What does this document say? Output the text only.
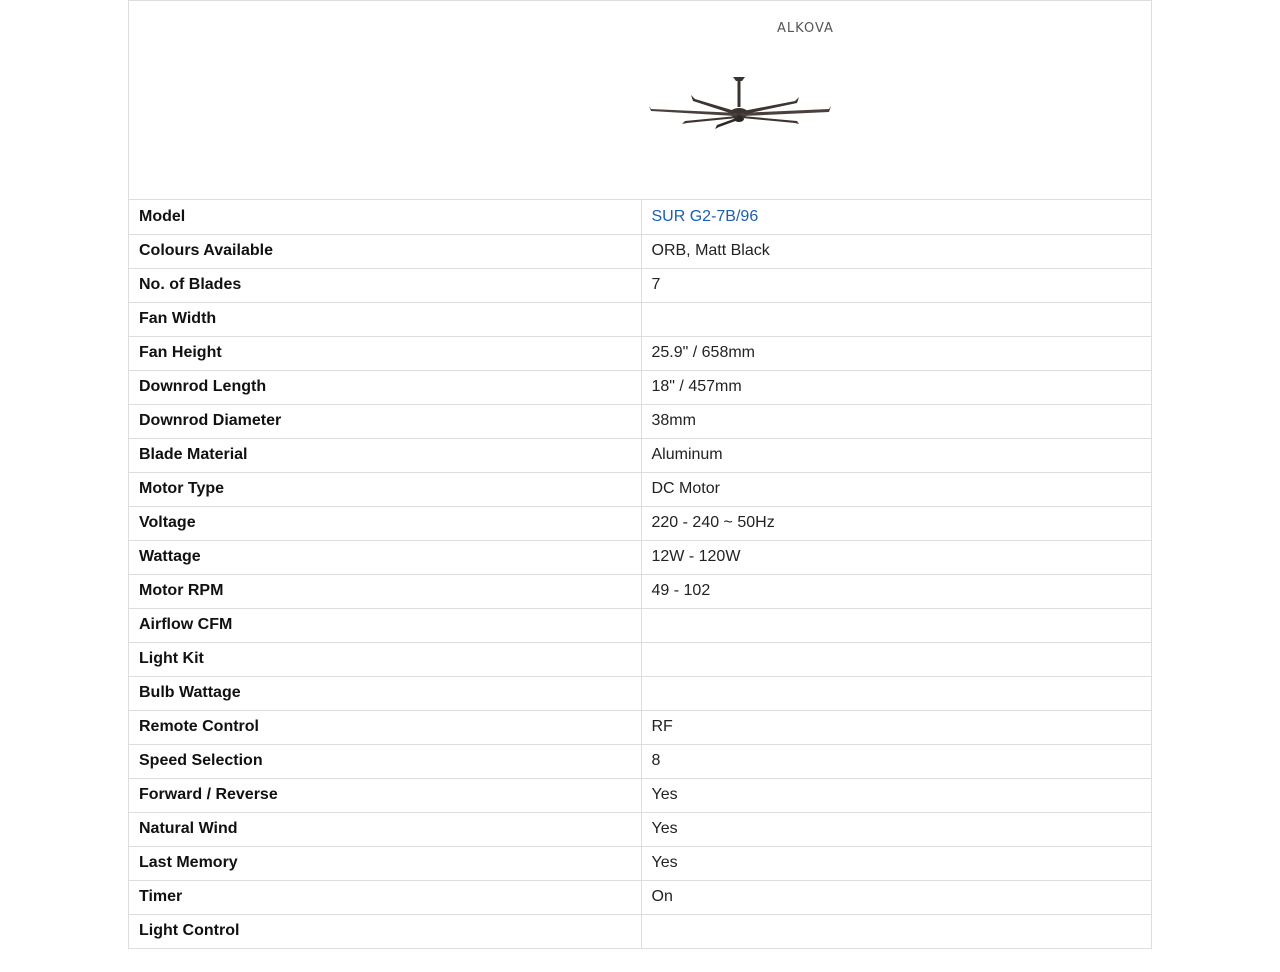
ALKOVA
Model	SUR G2-7B/96
Colours Available	ORB, Matt Black
No. of Blades	7
Fan Width	
Fan Height	25.9" / 658mm
Downrod Length	18" / 457mm
Downrod Diameter	38mm
Blade Material	Aluminum
Motor Type	DC Motor
Voltage	220 - 240 ~ 50Hz
Wattage	12W - 120W
Motor RPM	49 - 102
Airflow CFM	
Light Kit	
Bulb Wattage	
Remote Control	RF
Speed Selection	8
Forward / Reverse	Yes
Natural Wind	Yes
Last Memory	Yes
Timer	On
Light Control	
